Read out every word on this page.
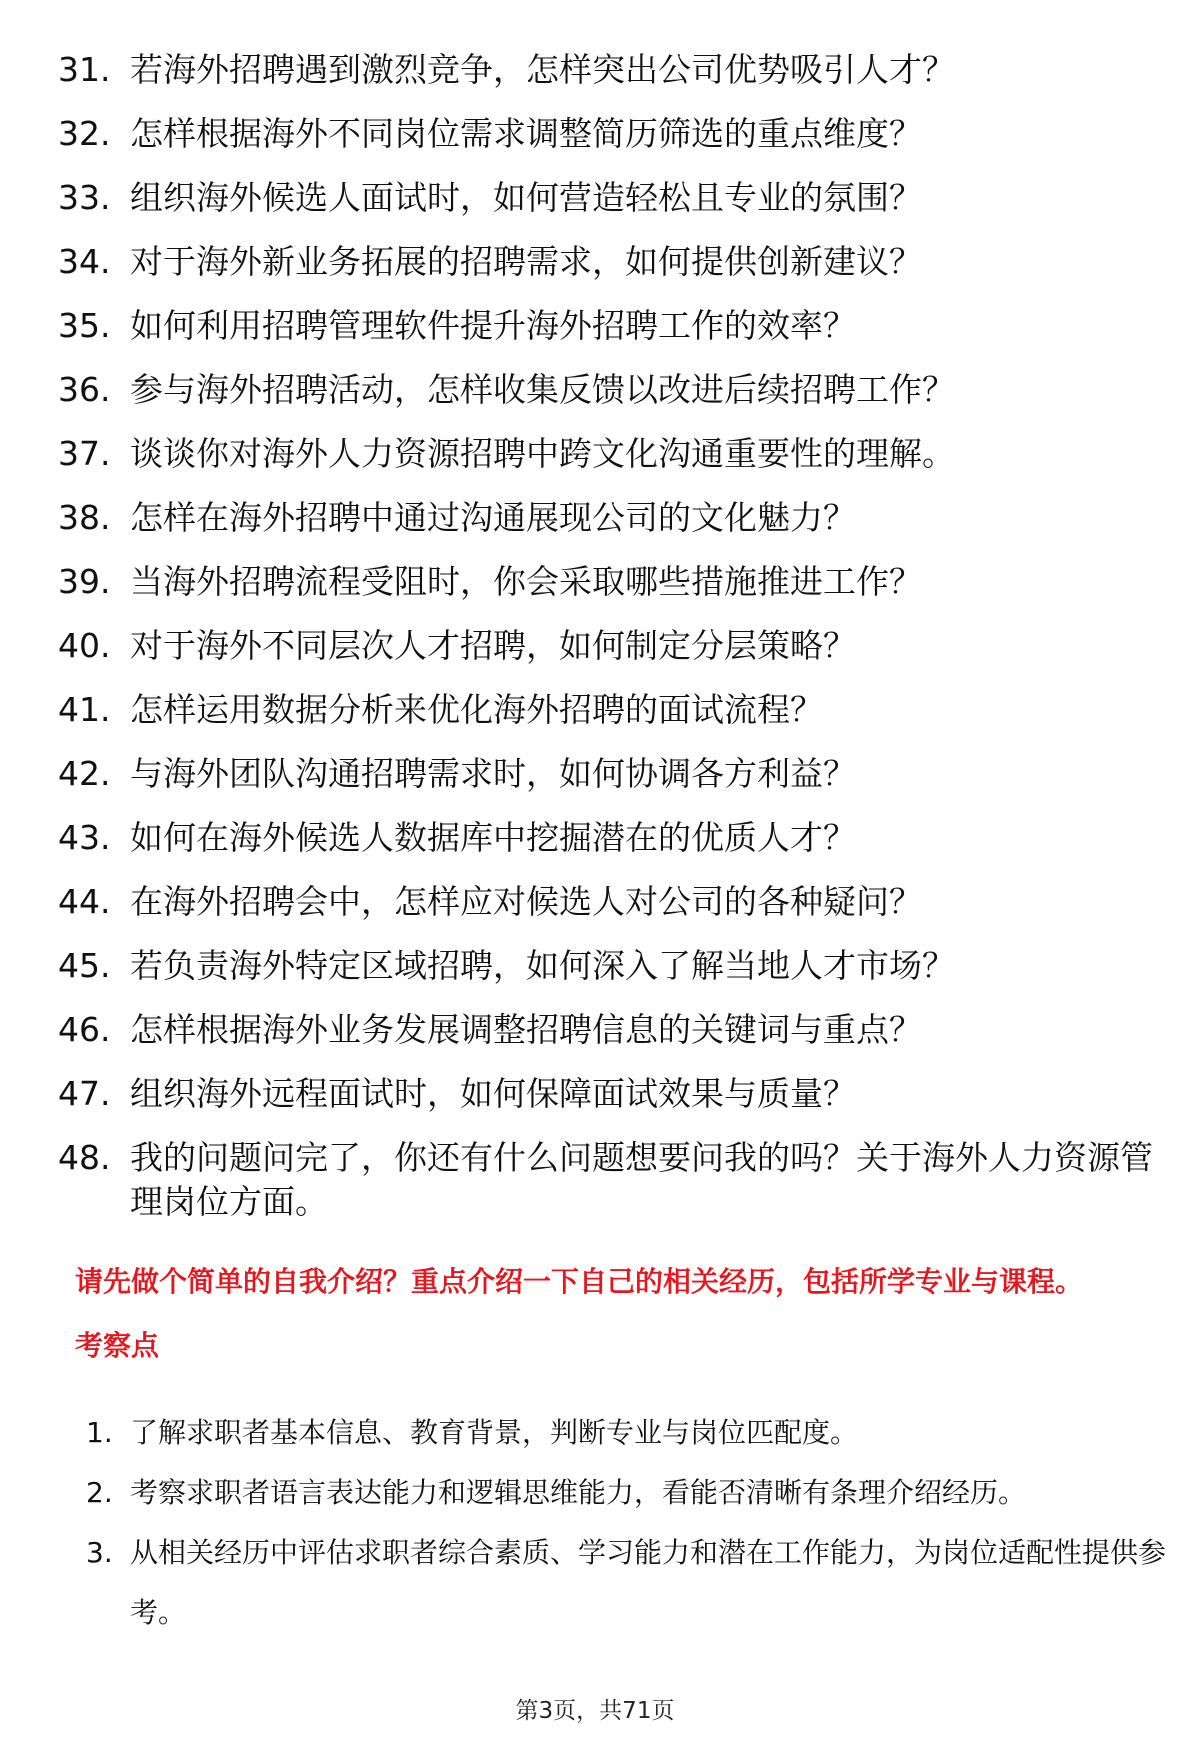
31. 若海外招聘遇到激烈竞争，怎样突出公司优势吸引人才？
32. 怎样根据海外不同岗位需求调整简历筛选的重点维度？
33. 组织海外候选人面试时，如何营造轻松且专业的氛围？
34. 对于海外新业务拓展的招聘需求，如何提供创新建议？
35. 如何利用招聘管理软件提升海外招聘工作的效率？
36. 参与海外招聘活动，怎样收集反馈以改进后续招聘工作？
37. 谈谈你对海外人力资源招聘中跨文化沟通重要性的理解。
38. 怎样在海外招聘中通过沟通展现公司的文化魅力？
39. 当海外招聘流程受阻时，你会采取哪些措施推进工作？
40. 对于海外不同层次人才招聘，如何制定分层策略？
41. 怎样运用数据分析来优化海外招聘的面试流程？
42. 与海外团队沟通招聘需求时，如何协调各方利益？
43. 如何在海外候选人数据库中挖掘潜在的优质人才？
44. 在海外招聘会中，怎样应对候选人对公司的各种疑问？
45. 若负责海外特定区域招聘，如何深入了解当地人才市场？
46. 怎样根据海外业务发展调整招聘信息的关键词与重点？
47. 组织海外远程面试时，如何保障面试效果与质量？
48. 我的问题问完了，你还有什么问题想要问我的吗？关于海外人力资源管理岗位方面。

请先做个简单的自我介绍？重点介绍一下自己的相关经历，包括所学专业与课程。

考察点

1. 了解求职者基本信息、教育背景，判断专业与岗位匹配度。
2. 考察求职者语言表达能力和逻辑思维能力，看能否清晰有条理介绍经历。
3. 从相关经历中评估求职者综合素质、学习能力和潜在工作能力，为岗位适配性提供参考。
第3页，共71页
